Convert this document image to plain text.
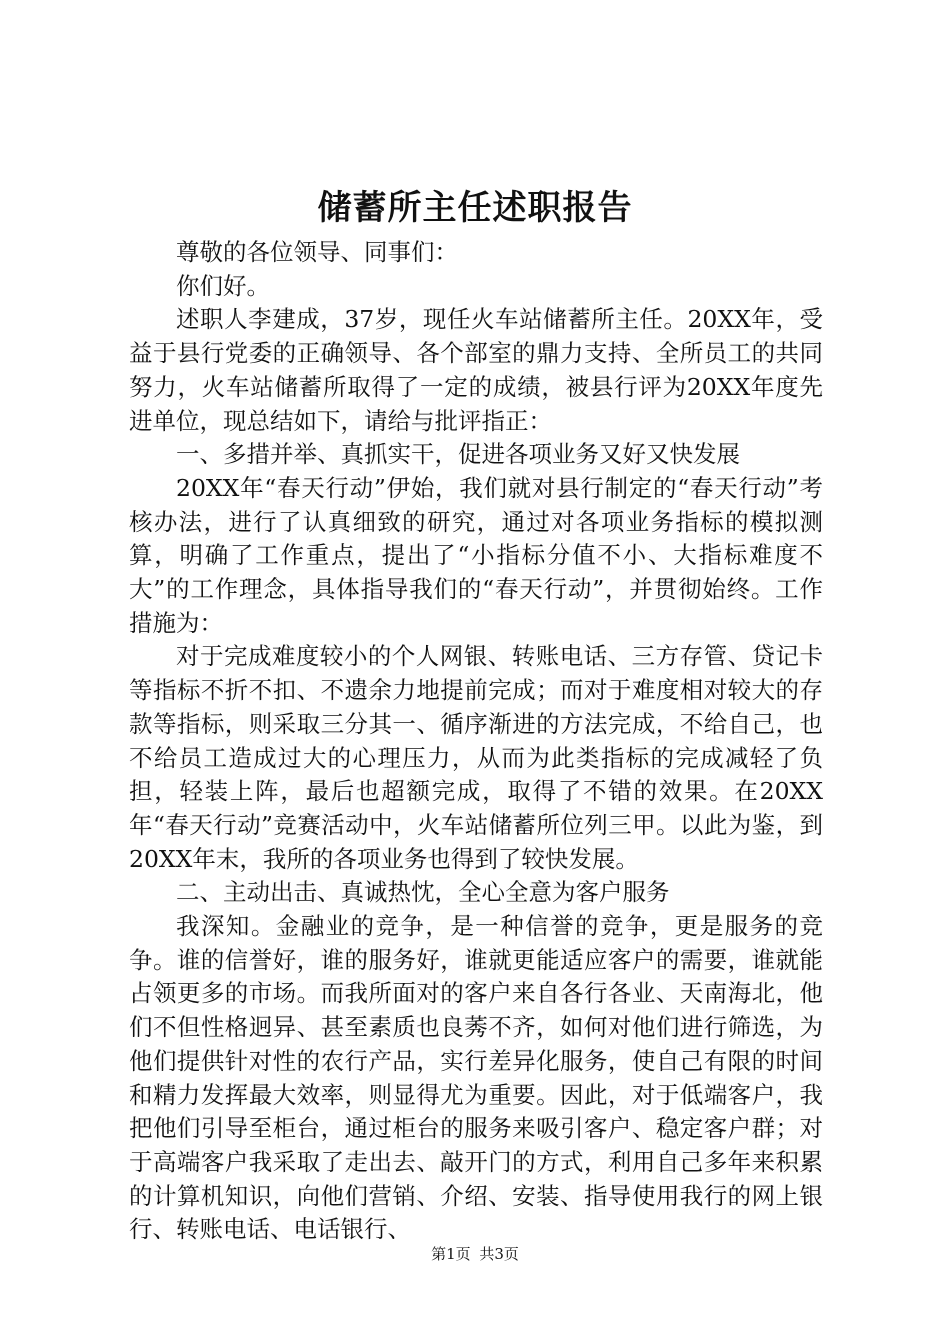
储蓄所主任述职报告

尊敬的各位领导、同事们：

你们好。

述职人李建成，37岁，现任火车站储蓄所主任。20XX年，受益于县行党委的正确领导、各个部室的鼎力支持、全所员工的共同努力，火车站储蓄所取得了一定的成绩，被县行评为20XX年度先进单位，现总结如下，请给与批评指正：

一、多措并举、真抓实干，促进各项业务又好又快发展

20XX年“春天行动”伊始，我们就对县行制定的“春天行动”考核办法，进行了认真细致的研究，通过对各项业务指标的模拟测算，明确了工作重点，提出了“小指标分值不小、大指标难度不大”的工作理念，具体指导我们的“春天行动”，并贯彻始终。工作措施为：

对于完成难度较小的个人网银、转账电话、三方存管、贷记卡等指标不折不扣、不遗余力地提前完成；而对于难度相对较大的存款等指标，则采取三分其一、循序渐进的方法完成，不给自己，也不给员工造成过大的心理压力，从而为此类指标的完成减轻了负担，轻装上阵，最后也超额完成，取得了不错的效果。在20XX年“春天行动”竞赛活动中，火车站储蓄所位列三甲。以此为鉴，到20XX年末，我所的各项业务也得到了较快发展。

二、主动出击、真诚热忱，全心全意为客户服务

我深知。金融业的竞争，是一种信誉的竞争，更是服务的竞争。谁的信誉好，谁的服务好，谁就更能适应客户的需要，谁就能占领更多的市场。而我所面对的客户来自各行各业、天南海北，他们不但性格迥异、甚至素质也良莠不齐，如何对他们进行筛选，为他们提供针对性的农行产品，实行差异化服务，使自己有限的时间和精力发挥最大效率，则显得尤为重要。因此，对于低端客户，我把他们引导至柜台，通过柜台的服务来吸引客户、稳定客户群；对于高端客户我采取了走出去、敲开门的方式，利用自己多年来积累的计算机知识，向他们营销、介绍、安装、指导使用我行的网上银行、转账电话、电话银行、

第1页 共3页
